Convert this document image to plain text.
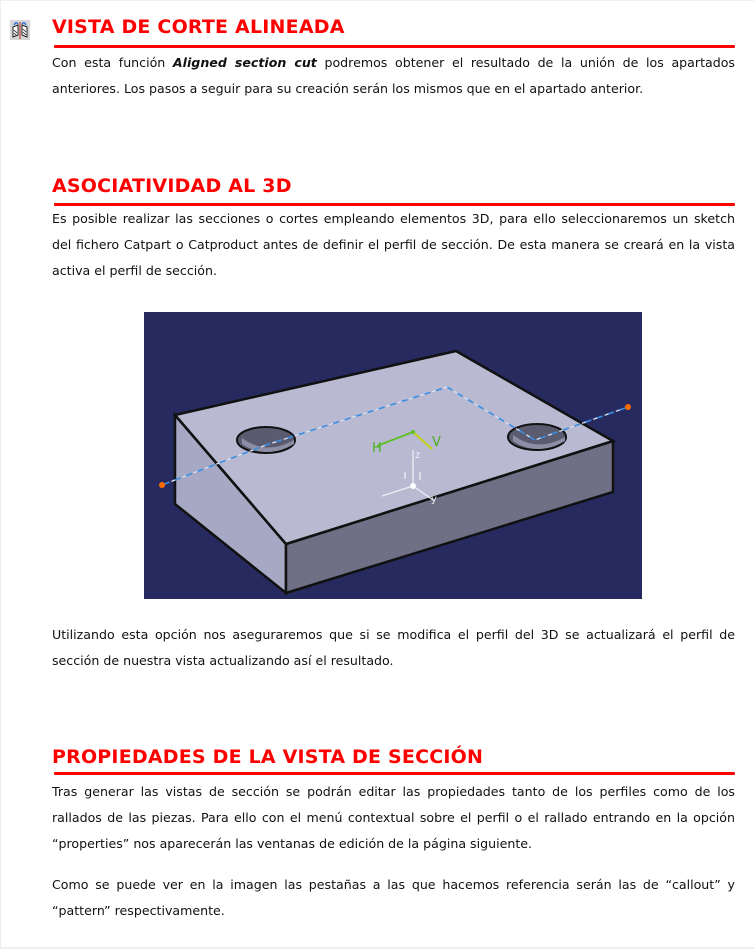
VISTA DE CORTE ALINEADA

Con esta función Aligned section cut podremos obtener el resultado de la unión de los apartados anteriores. Los pasos a seguir para su creación serán los mismos que en el apartado anterior.

ASOCIATIVIDAD AL 3D

Es posible realizar las secciones o cortes empleando elementos 3D, para ello seleccionaremos un sketch del fichero Catpart o Catproduct antes de definir el perfil de sección. De esta manera se creará en la vista activa el perfil de sección.

H	V
z
y

Utilizando esta opción nos aseguraremos que si se modifica el perfil del 3D se actualizará el perfil de sección de nuestra vista actualizando así el resultado.

PROPIEDADES DE LA VISTA DE SECCIÓN

Tras generar las vistas de sección se podrán editar las propiedades tanto de los perfiles como de los rallados de las piezas. Para ello con el menú contextual sobre el perfil o el rallado entrando en la opción “properties” nos aparecerán las ventanas de edición de la página siguiente.

Como se puede ver en la imagen las pestañas a las que hacemos referencia serán las de “callout” y “pattern” respectivamente.
